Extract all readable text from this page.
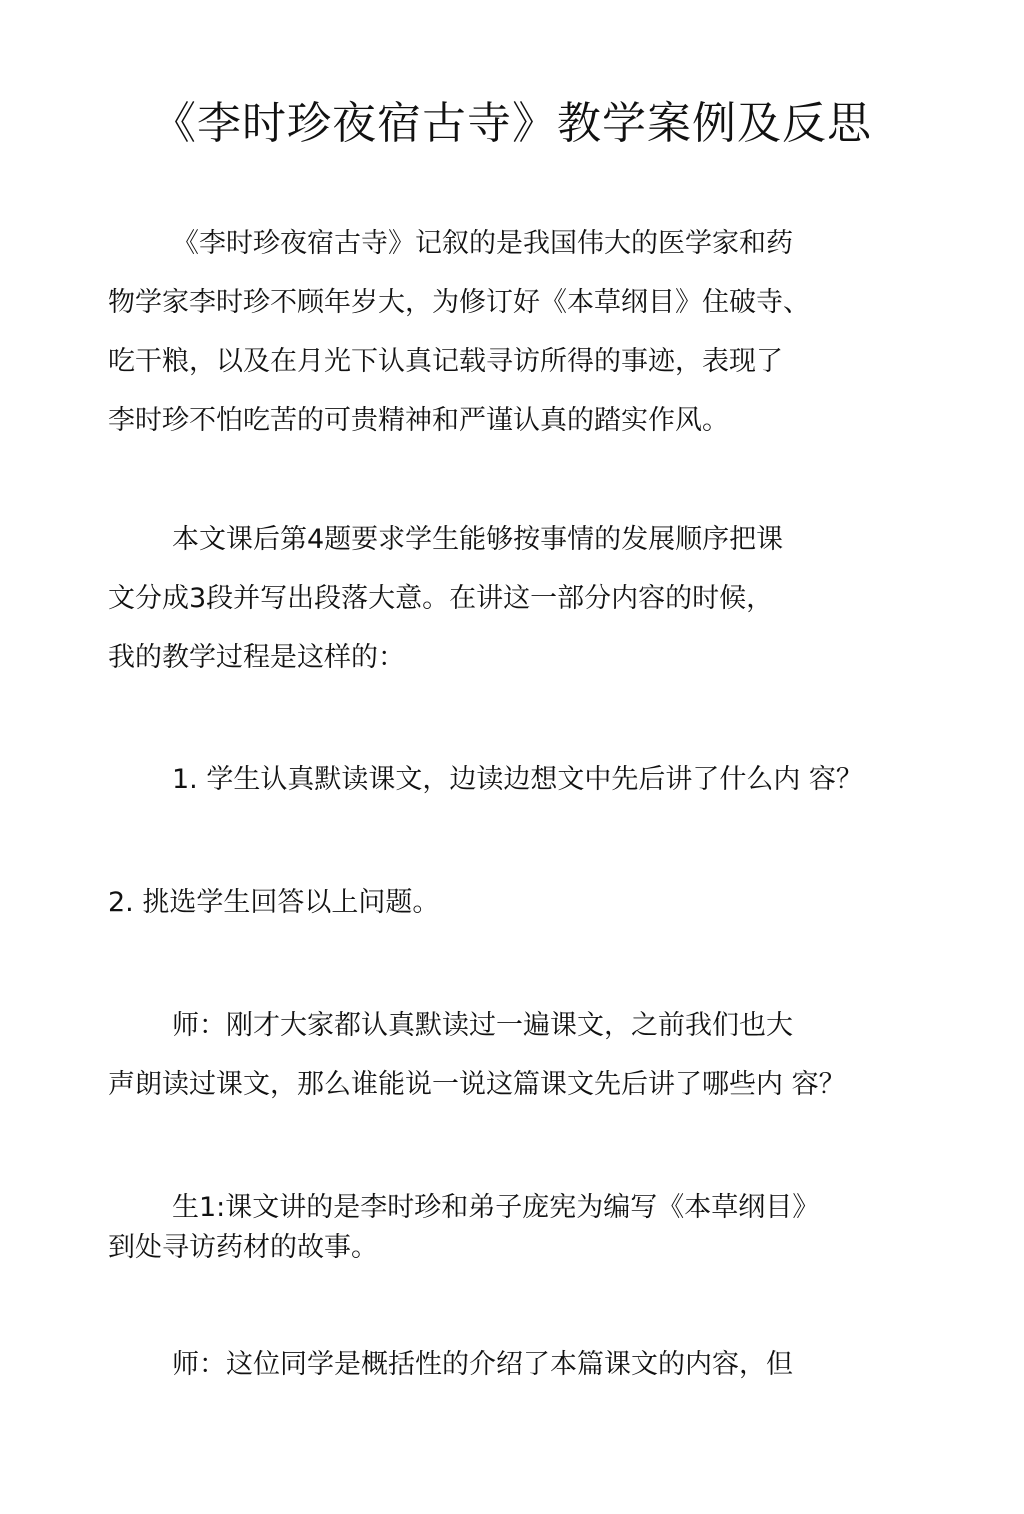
《李时珍夜宿古寺》教学案例及反思
《李时珍夜宿古寺》记叙的是我国伟大的医学家和药
物学家李时珍不顾年岁大，为修订好《本草纲目》住破寺、
吃干粮，以及在月光下认真记载寻访所得的事迹，表现了
李时珍不怕吃苦的可贵精神和严谨认真的踏实作风。
本文课后第4题要求学生能够按事情的发展顺序把课
文分成3段并写出段落大意。在讲这一部分内容的时候，
我的教学过程是这样的：
1. 学生认真默读课文，边读边想文中先后讲了什么内 容？
2. 挑选学生回答以上问题。
师：刚才大家都认真默读过一遍课文，之前我们也大
声朗读过课文，那么谁能说一说这篇课文先后讲了哪些内 容？
生1:课文讲的是李时珍和弟子庞宪为编写《本草纲目》
到处寻访药材的故事。
师：这位同学是概括性的介绍了本篇课文的内容，但
